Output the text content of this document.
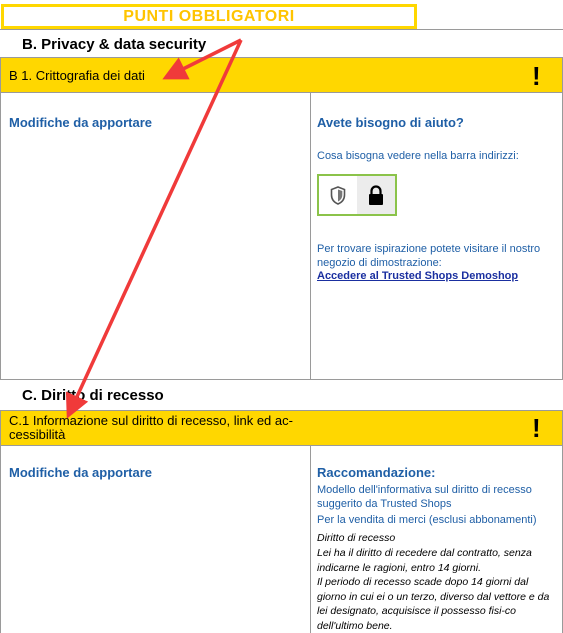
PUNTI OBBLIGATORI
B. Privacy & data security
B 1. Crittografia dei dati	!
Modifiche da apportare	Avete bisogno di aiuto?
Cosa bisogna vedere nella barra indirizzi:
Per trovare ispirazione potete visitare il nostro negozio di dimostrazione:
Accedere al Trusted Shops Demoshop
C. Diritto di recesso
C.1 Informazione sul diritto di recesso, link ed ac-cessibilità	!
Modifiche da apportare	Raccomandazione:
Modello dell'informativa sul diritto di recesso suggerito da Trusted Shops
Per la vendita di merci (esclusi abbonamenti)
Diritto di recesso
Lei ha il diritto di recedere dal contratto, senza indicarne le ragioni, entro 14 giorni.
Il periodo di recesso scade dopo 14 giorni dal giorno in cui ei o un terzo, diverso dal vettore e da lei designato, acquisisce il possesso fisi-co dell'ultimo bene.
